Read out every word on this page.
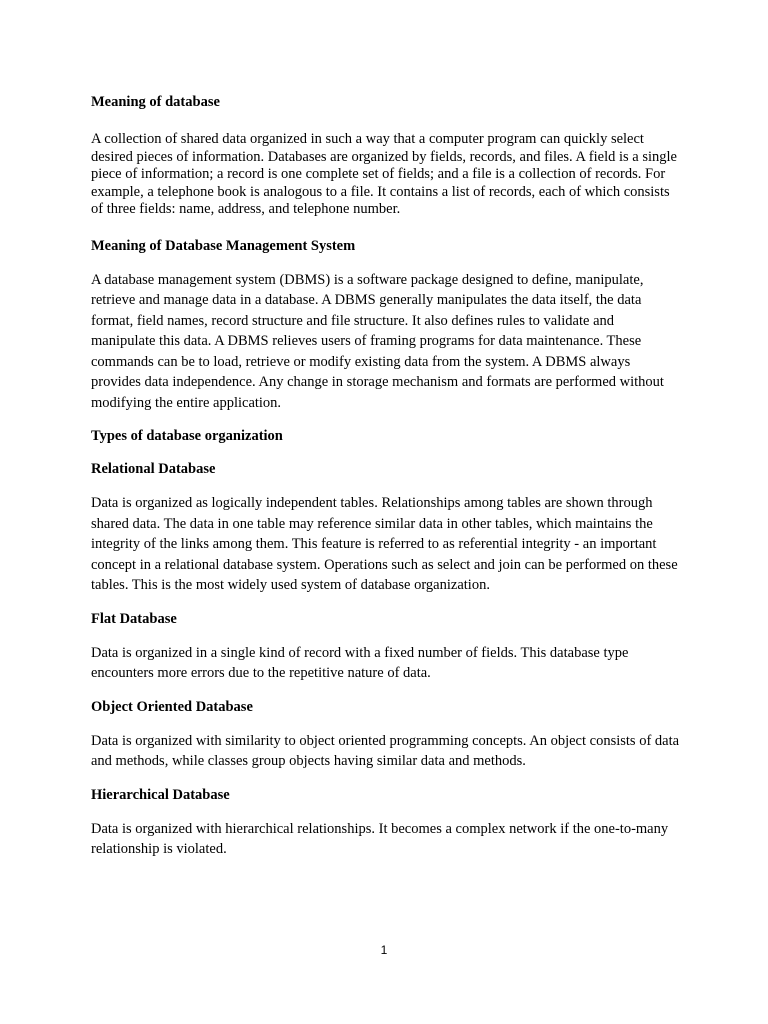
Meaning of database

A collection of shared data organized in such a way that a computer program can quickly select desired pieces of information. Databases are organized by fields, records, and files. A field is a single piece of information; a record is one complete set of fields; and a file is a collection of records. For example, a telephone book is analogous to a file. It contains a list of records, each of which consists of three fields: name, address, and telephone number.

Meaning of Database Management System

A database management system (DBMS) is a software package designed to define, manipulate, retrieve and manage data in a database. A DBMS generally manipulates the data itself, the data format, field names, record structure and file structure. It also defines rules to validate and manipulate this data. A DBMS relieves users of framing programs for data maintenance. These commands can be to load, retrieve or modify existing data from the system. A DBMS always provides data independence. Any change in storage mechanism and formats are performed without modifying the entire application.

Types of database organization

Relational Database

Data is organized as logically independent tables. Relationships among tables are shown through shared data. The data in one table may reference similar data in other tables, which maintains the integrity of the links among them. This feature is referred to as referential integrity - an important concept in a relational database system. Operations such as select and join can be performed on these tables. This is the most widely used system of database organization.

Flat Database

Data is organized in a single kind of record with a fixed number of fields. This database type encounters more errors due to the repetitive nature of data.

Object Oriented Database

Data is organized with similarity to object oriented programming concepts. An object consists of data and methods, while classes group objects having similar data and methods.

Hierarchical Database

Data is organized with hierarchical relationships. It becomes a complex network if the one-to-many relationship is violated.

1
